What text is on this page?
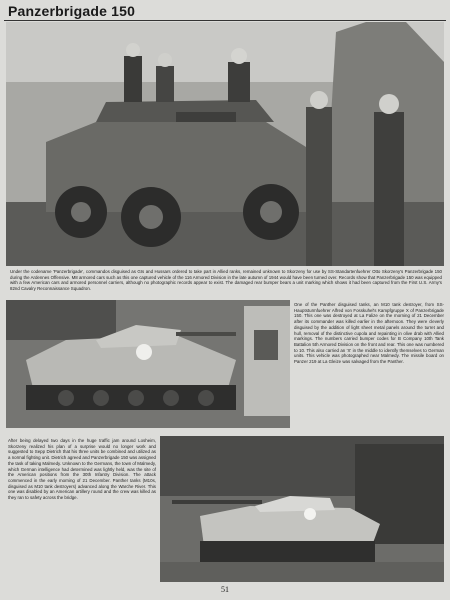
Panzerbrigade 150
Under the codename 'Panzerbrigade', commandos disguised as GIs and Hussars ordered to take part in Allied ranks, remained unknown to Skorzeny for use by SS-Standartenfuehrer Otto Skorzeny's Panzerbrigade 150 during the Ardennes Offensive. M8 armored cars such as this one captured vehicle of the 116 Armored Division in the late autumn of 1944 would have been turned over. Records show that Panzerbrigade 150 was equipped with a few American cars and armored personnel carriers, although no photographic records appear to exist. The damaged rear bumper bears a unit marking which shows it had been captured from the First U.S. Army's 82nd Cavalry Reconnaissance Squadron.
One of the Panther disguised tanks, an M10 tank destroyer, from SS-Hauptsturmfuehrer Alfred von Fosskuhel's Kampfgruppe X of Panzerbrigade 150. This one was destroyed at La Falize on the morning of 21 December after its commander was killed earlier in the afternoon. They were cleverly disguised by the addition of light sheet metal panels around the turret and hull, removal of the distinctive cupola and repainting in olive drab with Allied markings. The numbers carried bumper codes for B Company 10th Tank Battalion 5th Armored Division on the front and rear. This one was numbered to 10. This also carried an 'X' in the middle to identify themselves to German units. This vehicle was photographed near Malmedy. The missile board on Panzer 219 at La Gleize was salvaged from the Panther.
After being delayed two days in the huge traffic jam around Losheim, Skorzeny realized his plan of a surprise would no longer work and suggested to Sepp Dietrich that his three units be combined and utilized as a normal fighting unit. Dietrich agreed and Panzerbrigade 150 was assigned the task of taking Malmedy. Unknown to the Germans, the town of Malmedy, which German intelligence had determined was lightly held, was the site of the American positions from the 30th Infantry Division. The attack commenced in the early morning of 21 December. Panther tanks (M10s, disguised as M10 tank destroyers) advanced along the Warche River. This one was disabled by an American artillery round and the crew was killed as they ran to safety across the bridge.
51
